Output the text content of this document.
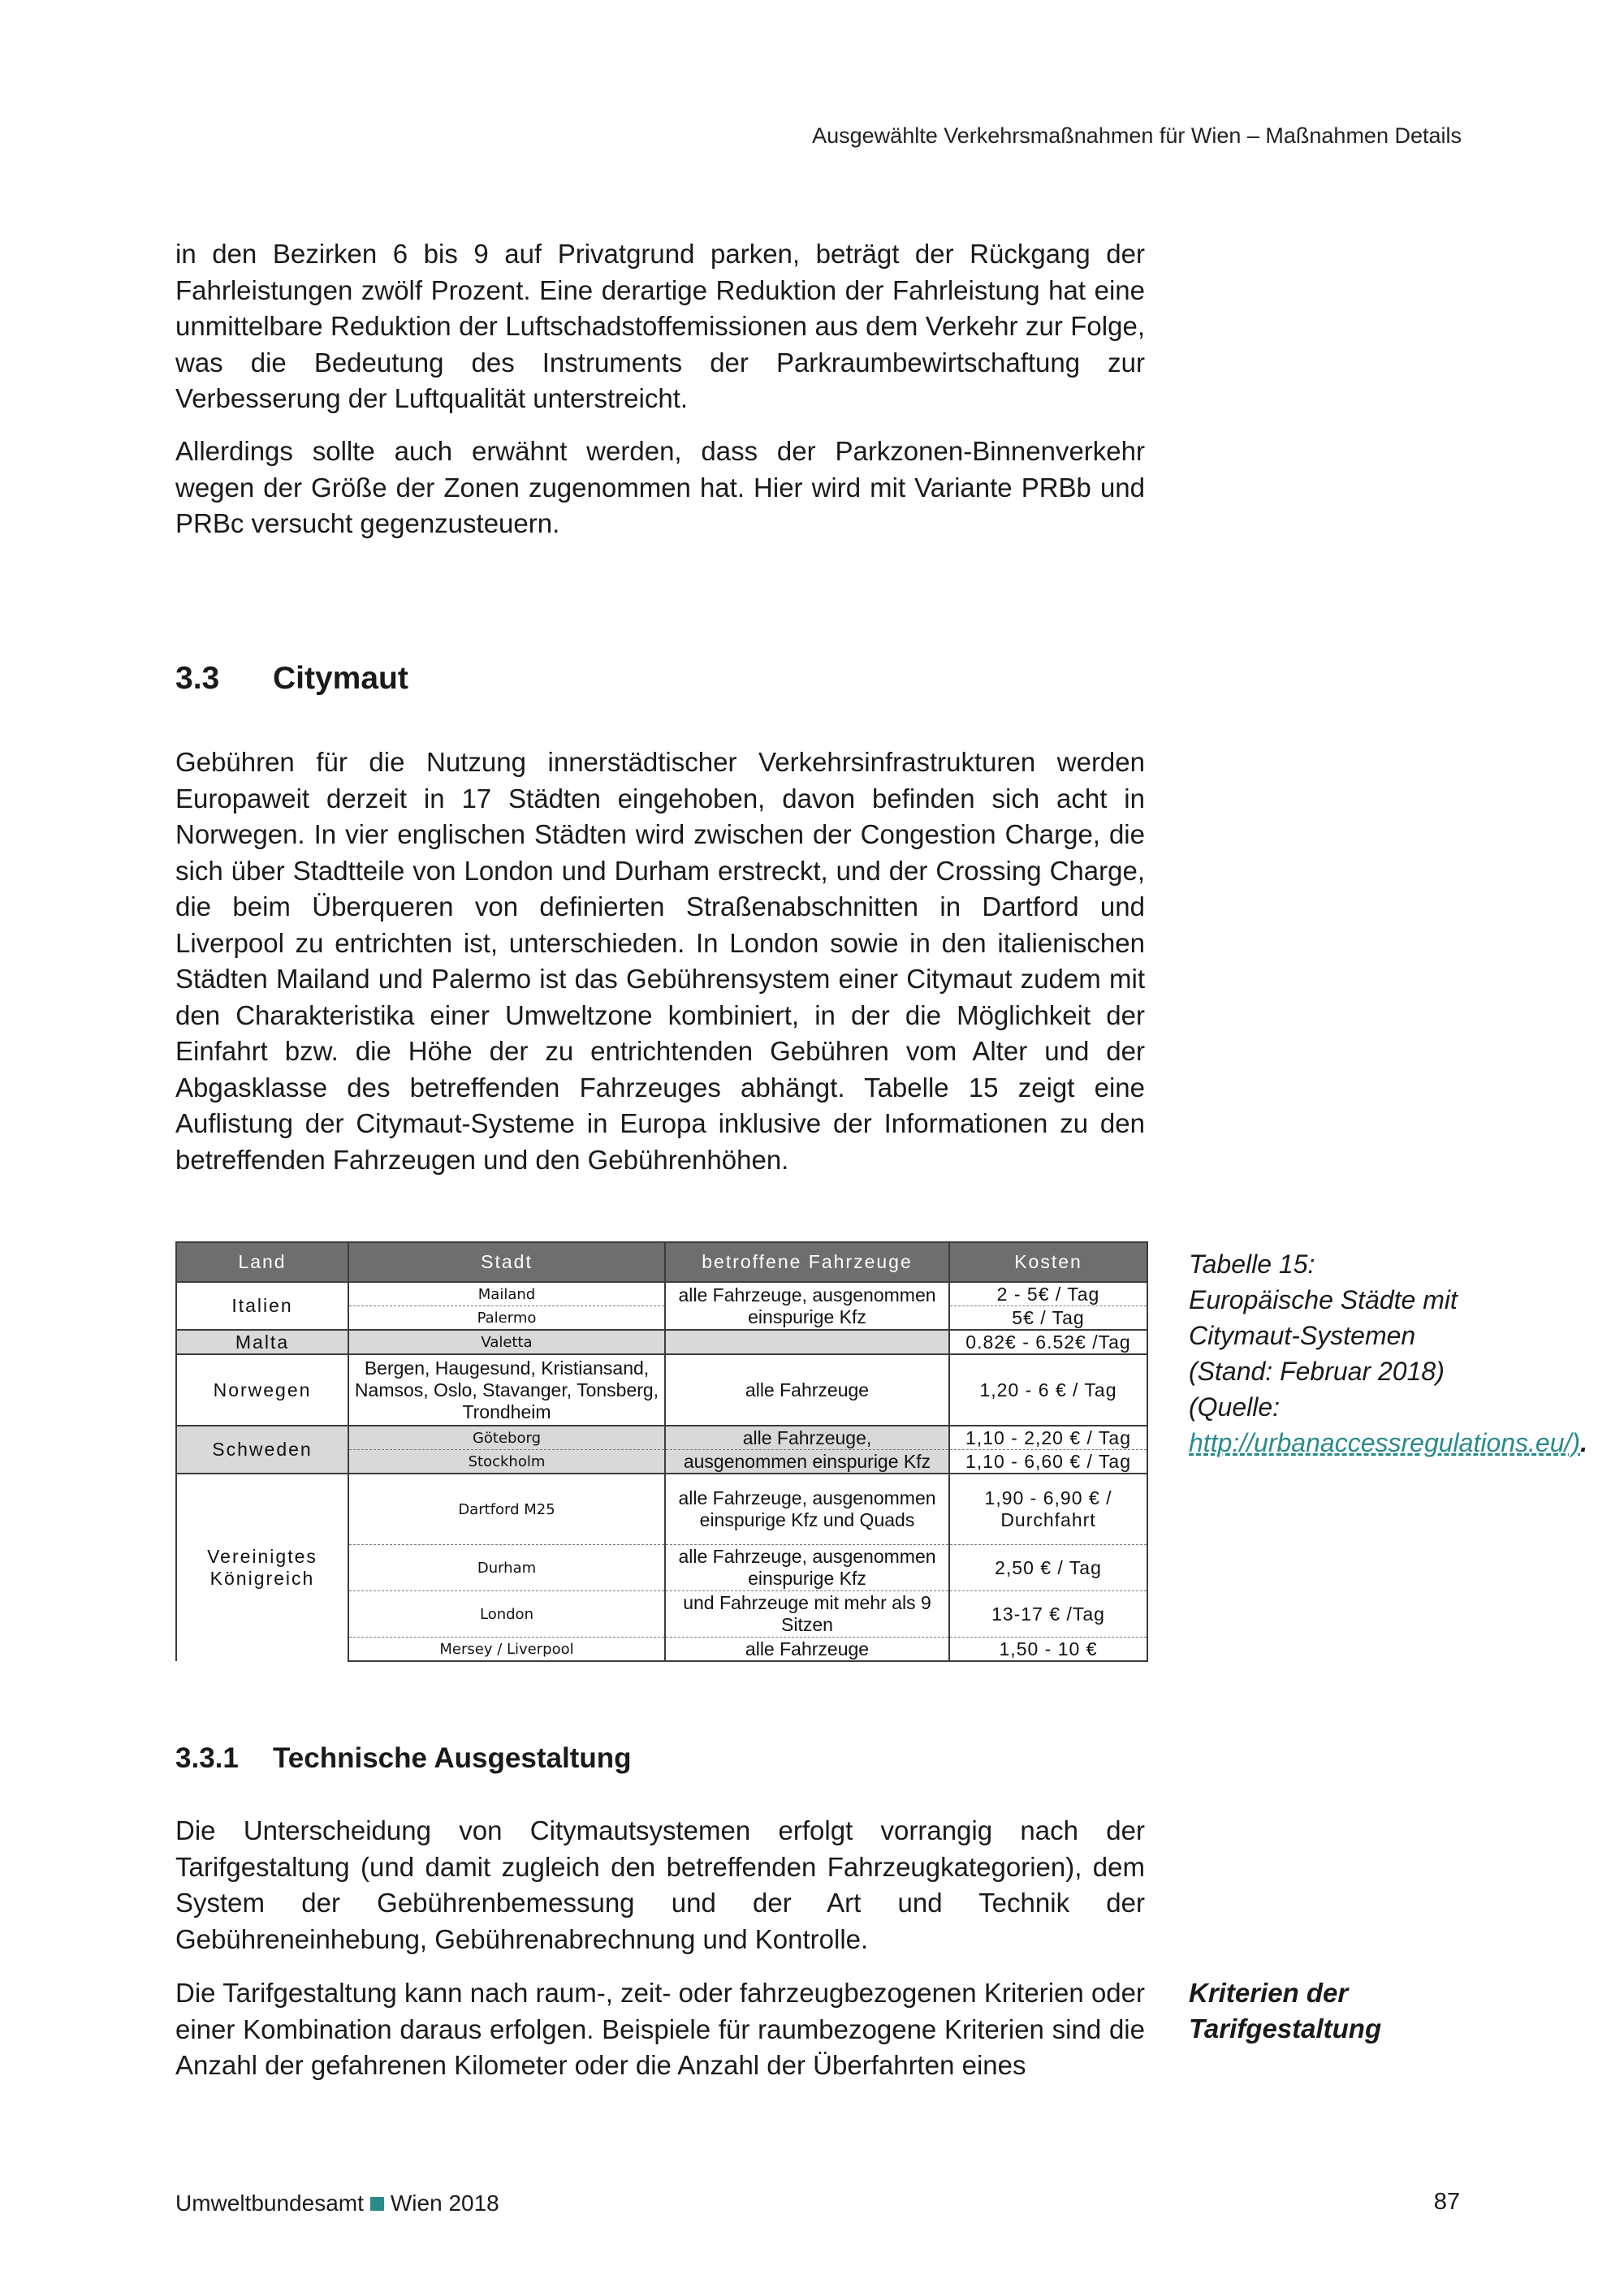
Ausgewählte Verkehrsmaßnahmen für Wien – Maßnahmen Details

in den Bezirken 6 bis 9 auf Privatgrund parken, beträgt der Rückgang der Fahrleistungen zwölf Prozent. Eine derartige Reduktion der Fahrleistung hat eine unmittelbare Reduktion der Luftschadstoffemissionen aus dem Verkehr zur Folge, was die Bedeutung des Instruments der Parkraumbewirtschaftung zur Verbesserung der Luftqualität unterstreicht.

Allerdings sollte auch erwähnt werden, dass der Parkzonen-Binnenverkehr wegen der Größe der Zonen zugenommen hat. Hier wird mit Variante PRBb und PRBc versucht gegenzusteuern.

3.3 Citymaut

Gebühren für die Nutzung innerstädtischer Verkehrsinfrastrukturen werden Europaweit derzeit in 17 Städten eingehoben, davon befinden sich acht in Norwegen. In vier englischen Städten wird zwischen der Congestion Charge, die sich über Stadtteile von London und Durham erstreckt, und der Crossing Charge, die beim Überqueren von definierten Straßenabschnitten in Dartford und Liverpool zu entrichten ist, unterschieden. In London sowie in den italienischen Städten Mailand und Palermo ist das Gebührensystem einer Citymaut zudem mit den Charakteristika einer Umweltzone kombiniert, in der die Möglichkeit der Einfahrt bzw. die Höhe der zu entrichtenden Gebühren vom Alter und der Abgasklasse des betreffenden Fahrzeuges abhängt. Tabelle 15 zeigt eine Auflistung der Citymaut-Systeme in Europa inklusive der Informationen zu den betreffenden Fahrzeugen und den Gebührenhöhen.

Land	Stadt	betroffene Fahrzeuge	Kosten
Italien	Mailand	alle Fahrzeuge, ausgenommen einspurige Kfz	2 - 5€ / Tag
	Palermo		5€ / Tag
Malta	Valetta		0.82€ - 6.52€ /Tag
Norwegen	Bergen, Haugesund, Kristiansand, Namsos, Oslo, Stavanger, Tonsberg, Trondheim	alle Fahrzeuge	1,20 - 6 € / Tag
Schweden	Göteborg	alle Fahrzeuge,	1,10 - 2,20 € / Tag
	Stockholm	ausgenommen einspurige Kfz	1,10 - 6,60 € / Tag
Vereinigtes Königreich	Dartford M25	alle Fahrzeuge, ausgenommen einspurige Kfz und Quads	1,90 - 6,90 € / Durchfahrt
	Durham	alle Fahrzeuge, ausgenommen einspurige Kfz	2,50 € / Tag
	London	und Fahrzeuge mit mehr als 9 Sitzen	13-17 € /Tag
	Mersey / Liverpool	alle Fahrzeuge	1,50 - 10 €

Tabelle 15:
Europäische Städte mit Citymaut-Systemen (Stand: Februar 2018) (Quelle: http://urbanaccessregulations.eu/).

3.3.1 Technische Ausgestaltung

Die Unterscheidung von Citymautsystemen erfolgt vorrangig nach der Tarifgestaltung (und damit zugleich den betreffenden Fahrzeugkategorien), dem System der Gebührenbemessung und der Art und Technik der Gebühreneinhebung, Gebührenabrechnung und Kontrolle.

Die Tarifgestaltung kann nach raum-, zeit- oder fahrzeugbezogenen Kriterien oder einer Kombination daraus erfolgen. Beispiele für raumbezogene Kriterien sind die Anzahl der gefahrenen Kilometer oder die Anzahl der Überfahrten eines

Kriterien der Tarifgestaltung

Umweltbundesamt Wien 2018	87
